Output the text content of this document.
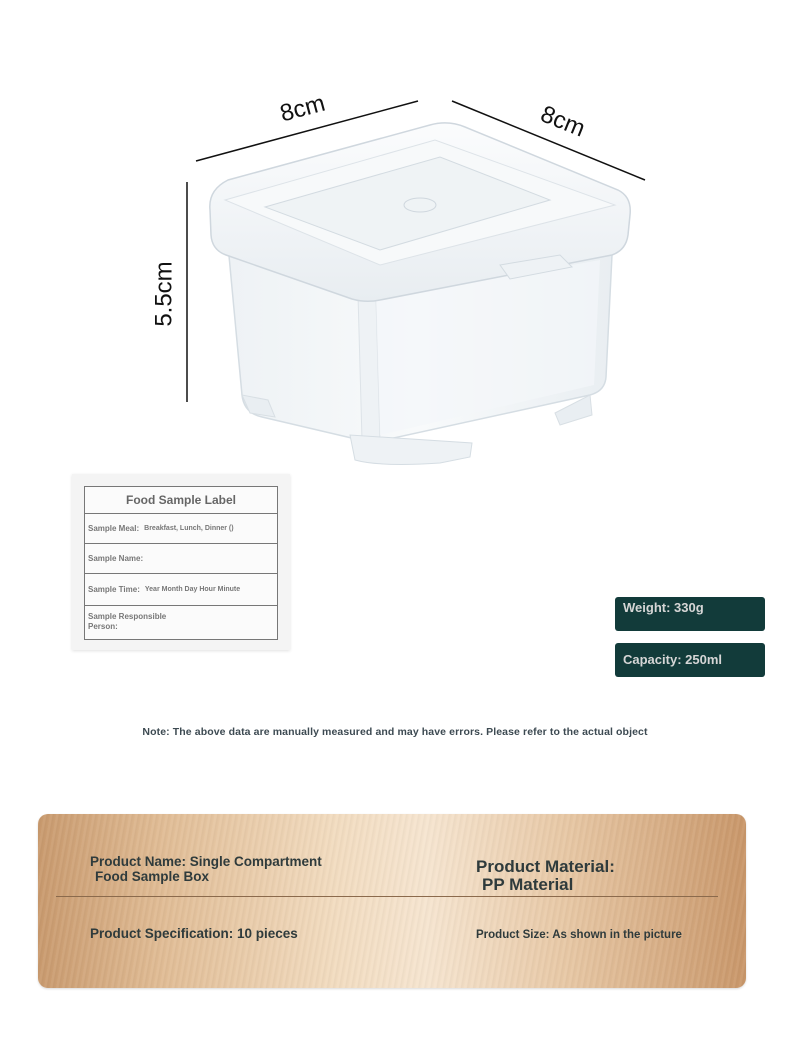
8cm	8cm
5.5cm
Food Sample Label
Sample Meal: Breakfast, Lunch, Dinner ()
Sample Name:
Sample Time: Year Month Day Hour Minute
Sample Responsible Person:
Weight: 330g
Capacity: 250ml
Note: The above data are manually measured and may have errors. Please refer to the actual object
Product Name: Single Compartment
Food Sample Box
Product Material:
PP Material
Product Specification: 10 pieces	Product Size: As shown in the picture
